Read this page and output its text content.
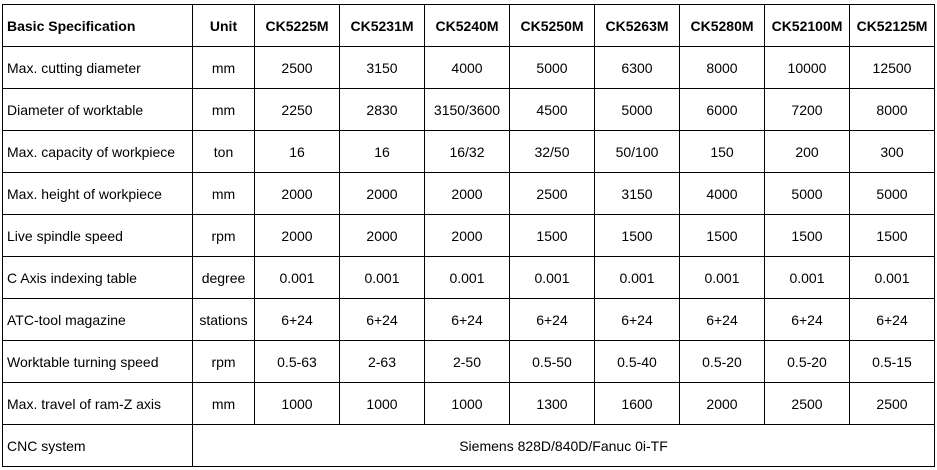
Basic Specification	Unit	CK5225M	CK5231M	CK5240M	CK5250M	CK5263M	CK5280M	CK52100M	CK52125M
Max. cutting diameter	mm	2500	3150	4000	5000	6300	8000	10000	12500
Diameter of worktable	mm	2250	2830	3150/3600	4500	5000	6000	7200	8000
Max. capacity of workpiece	ton	16	16	16/32	32/50	50/100	150	200	300
Max. height of workpiece	mm	2000	2000	2000	2500	3150	4000	5000	5000
Live spindle speed	rpm	2000	2000	2000	1500	1500	1500	1500	1500
C Axis indexing table	degree	0.001	0.001	0.001	0.001	0.001	0.001	0.001	0.001
ATC-tool magazine	stations	6+24	6+24	6+24	6+24	6+24	6+24	6+24	6+24
Worktable turning speed	rpm	0.5-63	2-63	2-50	0.5-50	0.5-40	0.5-20	0.5-20	0.5-15
Max. travel of ram-Z axis	mm	1000	1000	1000	1300	1600	2000	2500	2500
CNC system	Siemens 828D/840D/Fanuc 0i-TF								
